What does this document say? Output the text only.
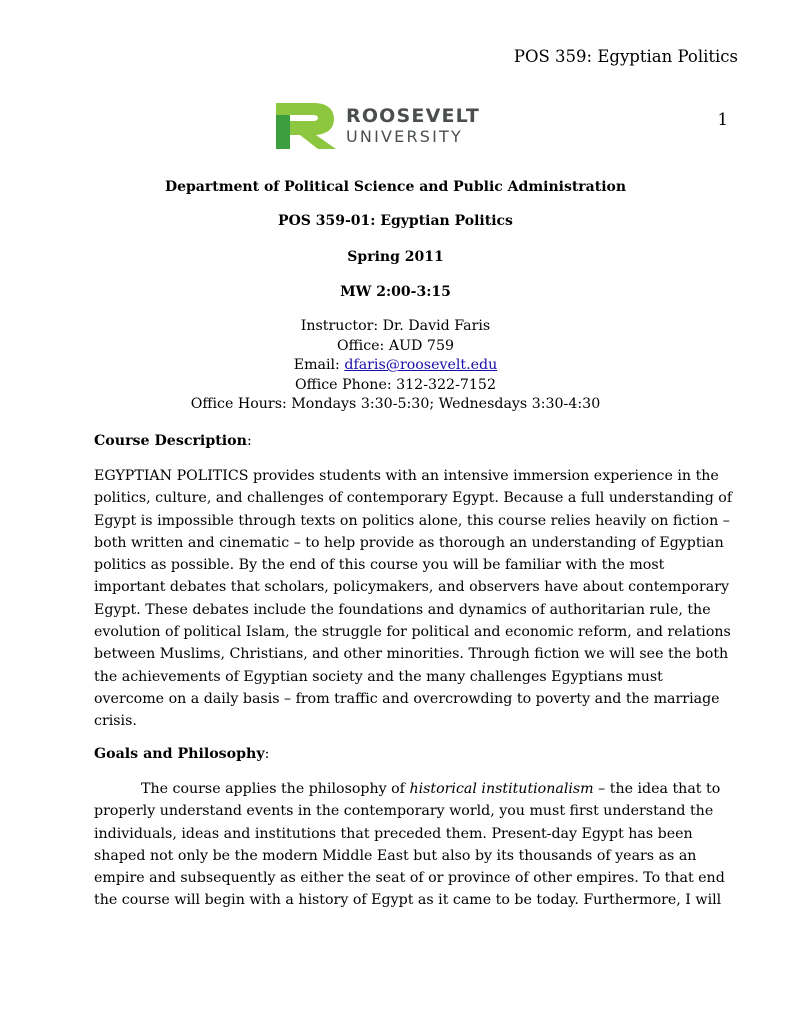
POS 359: Egyptian Politics
1
ROOSEVELT
UNIVERSITY
Department of Political Science and Public Administration
POS 359-01: Egyptian Politics
Spring 2011
MW 2:00-3:15
Instructor: Dr. David Faris
Office: AUD 759
Email: dfaris@roosevelt.edu
Office Phone: 312-322-7152
Office Hours: Mondays 3:30-5:30; Wednesdays 3:30-4:30
Course Description:
EGYPTIAN POLITICS provides students with an intensive immersion experience in the
politics, culture, and challenges of contemporary Egypt. Because a full understanding of
Egypt is impossible through texts on politics alone, this course relies heavily on fiction –
both written and cinematic – to help provide as thorough an understanding of Egyptian
politics as possible. By the end of this course you will be familiar with the most
important debates that scholars, policymakers, and observers have about contemporary
Egypt. These debates include the foundations and dynamics of authoritarian rule, the
evolution of political Islam, the struggle for political and economic reform, and relations
between Muslims, Christians, and other minorities. Through fiction we will see the both
the achievements of Egyptian society and the many challenges Egyptians must
overcome on a daily basis – from traffic and overcrowding to poverty and the marriage
crisis.
Goals and Philosophy:
The course applies the philosophy of historical institutionalism – the idea that to
properly understand events in the contemporary world, you must first understand the
individuals, ideas and institutions that preceded them. Present-day Egypt has been
shaped not only be the modern Middle East but also by its thousands of years as an
empire and subsequently as either the seat of or province of other empires. To that end
the course will begin with a history of Egypt as it came to be today. Furthermore, I will
